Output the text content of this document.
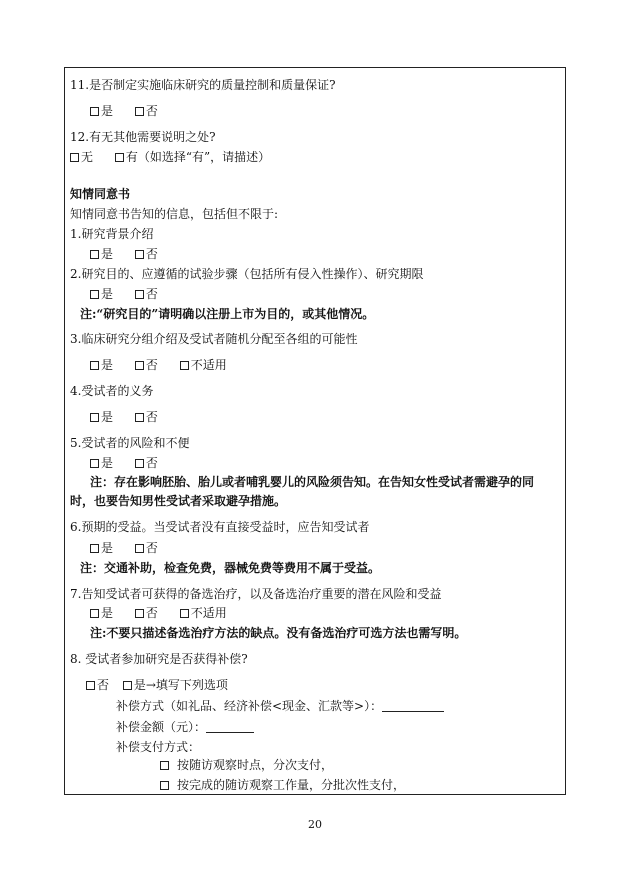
11.是否制定实施临床研究的质量控制和质量保证?
是	否
12.有无其他需要说明之处?
无	有（如选择“有”，请描述）
知情同意书
知情同意书告知的信息，包括但不限于:
1.研究背景介绍
是	否
2.研究目的、应遵循的试验步骤（包括所有侵入性操作）、研究期限
是	否
注:“研究目的”请明确以注册上市为目的，或其他情况。
3.临床研究分组介绍及受试者随机分配至各组的可能性
是	否	不适用
4.受试者的义务
是	否
5.受试者的风险和不便
是	否
注：存在影响胚胎、胎儿或者哺乳婴儿的风险须告知。在告知女性受试者需避孕的同
时，也要告知男性受试者采取避孕措施。
6.预期的受益。当受试者没有直接受益时，应告知受试者
是	否
注：交通补助，检查免费，器械免费等费用不属于受益。
7.告知受试者可获得的备选治疗，以及备选治疗重要的潜在风险和受益
是	否	不适用
注:不要只描述备选治疗方法的缺点。没有备选治疗可选方法也需写明。
8. 受试者参加研究是否获得补偿?
否 是→填写下列选项
补偿方式（如礼品、经济补偿<现金、汇款等>）：
补偿金额（元）：
补偿支付方式：
按随访观察时点，分次支付，
按完成的随访观察工作量，分批次性支付，
20
